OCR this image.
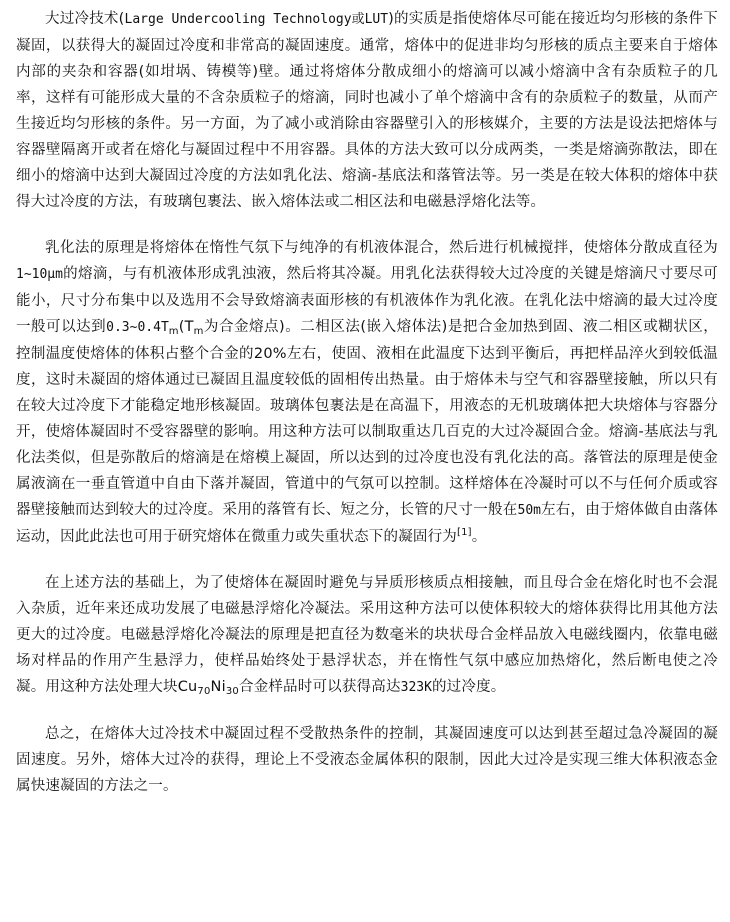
大过冷技术(Large Undercooling Technology或LUT)的实质是指使熔体尽可能在接近均匀形核的条件下凝固，以获得大的凝固过冷度和非常高的凝固速度。通常，熔体中的促进非均匀形核的质点主要来自于熔体内部的夹杂和容器(如坩埚、铸模等)壁。通过将熔体分散成细小的熔滴可以减小熔滴中含有杂质粒子的几率，这样有可能形成大量的不含杂质粒子的熔滴，同时也减小了单个熔滴中含有的杂质粒子的数量，从而产生接近均匀形核的条件。另一方面，为了减小或消除由容器壁引入的形核媒介，主要的方法是设法把熔体与容器壁隔离开或者在熔化与凝固过程中不用容器。具体的方法大致可以分成两类，一类是熔滴弥散法，即在细小的熔滴中达到大凝固过冷度的方法如乳化法、熔滴-基底法和落管法等。另一类是在较大体积的熔体中获得大过冷度的方法，有玻璃包裹法、嵌入熔体法或二相区法和电磁悬浮熔化法等。

乳化法的原理是将熔体在惰性气氛下与纯净的有机液体混合，然后进行机械搅拌，使熔体分散成直径为1~10μm的熔滴，与有机液体形成乳浊液，然后将其冷凝。用乳化法获得较大过冷度的关键是熔滴尺寸要尽可能小，尺寸分布集中以及选用不会导致熔滴表面形核的有机液体作为乳化液。在乳化法中熔滴的最大过冷度一般可以达到$0.3\sim 0.4T_m(T_m$为合金熔点)。二相区法(嵌入熔体法)是把合金加热到固、液二相区或糊状区，控制温度使熔体的体积占整个合金的20%左右，使固、液相在此温度下达到平衡后，再把样品淬火到较低温度，这时未凝固的熔体通过已凝固且温度较低的固相传出热量。由于熔体未与空气和容器壁接触，所以只有在较大过冷度下才能稳定地形核凝固。玻璃体包裹法是在高温下，用液态的无机玻璃体把大块熔体与容器分开，使熔体凝固时不受容器壁的影响。用这种方法可以制取重达几百克的大过冷凝固合金。熔滴-基底法与乳化法类似，但是弥散后的熔滴是在熔模上凝固，所以达到的过冷度也没有乳化法的高。落管法的原理是使金属液滴在一垂直管道中自由下落并凝固，管道中的气氛可以控制。这样熔体在冷凝时可以不与任何介质或容器壁接触而达到较大的过冷度。采用的落管有长、短之分，长管的尺寸一般在50m左右，由于熔体做自由落体运动，因此此法也可用于研究熔体在微重力或失重状态下的凝固行为[1]。

在上述方法的基础上，为了使熔体在凝固时避免与异质形核质点相接触，而且母合金在熔化时也不会混入杂质，近年来还成功发展了电磁悬浮熔化冷凝法。采用这种方法可以使体积较大的熔体获得比用其他方法更大的过冷度。电磁悬浮熔化冷凝法的原理是把直径为数毫米的块状母合金样品放入电磁线圈内，依靠电磁场对样品的作用产生悬浮力，使样品始终处于悬浮状态，并在惰性气氛中感应加热熔化，然后断电使之冷凝。用这种方法处理大块$Cu_{70}Ni_{30}$合金样品时可以获得高达323K的过冷度。

总之，在熔体大过冷技术中凝固过程不受散热条件的控制，其凝固速度可以达到甚至超过急冷凝固的凝固速度。另外，熔体大过冷的获得，理论上不受液态金属体积的限制，因此大过冷是实现三维大体积液态金属快速凝固的方法之一。
